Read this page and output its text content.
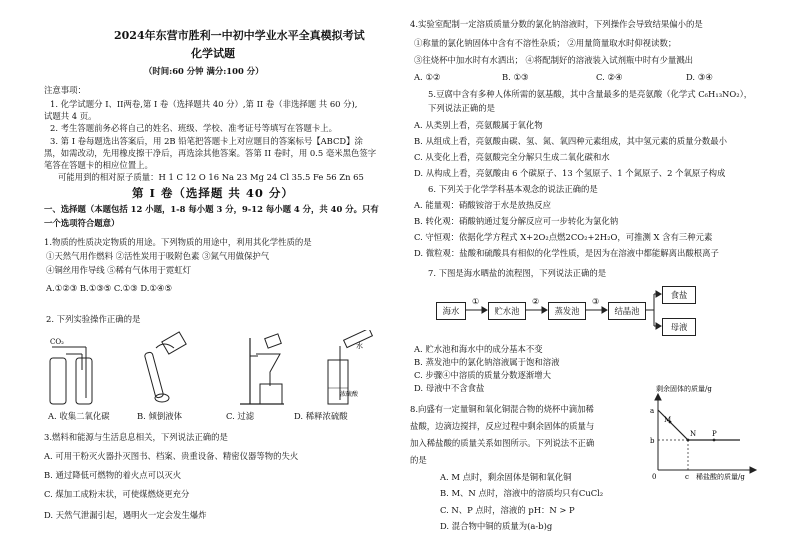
2024年东营市胜利一中初中学业水平全真模拟考试
化学试题
（时间:60 分钟 满分:100 分）
注意事项：
1. 化学试题分 I、II两卷,第 I 卷（选择题共 40 分）,第 II 卷（非选择题 共 60 分),
试题共 4 页。
2. 考生答题前务必将自己的姓名、班级、学校、准考证号等填写在答题卡上。
3. 第 I 卷每题选出答案后，用 2B 铅笔把答题卡上对应题目的答案标号【ABCD】涂
黑，如需改动，先用橡皮擦干净后，再选涂其他答案。答第 II 卷时，用 0.5 毫米黑色签字
笔答在答题卡的相应位置上。
可能用到的相对原子质量：H 1 C 12 O 16 Na 23 Mg 24 Cl 35.5 Fe 56 Zn 65
第 I 卷（选择题 共 40 分）
一、选择题（本题包括 12 小题，1-8 每小题 3 分，9-12 每小题 4 分，共 40 分。只有
一个选项符合题意）
1.物质的性质决定物质的用途。下列物质的用途中，利用其化学性质的是
①天然气用作燃料 ②活性炭用于吸附色素 ③氮气用做保护气
④铜丝用作导线 ⑤稀有气体用于霓虹灯
A.①②③ B.①③⑤ C.①③ D.①④⑤
2. 下列实验操作正确的是
CO₂	水
浓硫酸
A. 收集二氧化碳	B. 倾倒液体	C. 过滤	D. 稀释浓硫酸
3.燃料和能源与生活息息相关，下列说法正确的是
A. 可用干粉灭火器扑灭图书、档案、贵重设备、精密仪器等物的失火
B. 通过降低可燃物的着火点可以灭火
C. 煤加工成粉末状，可使煤燃烧更充分
D. 天然气泄漏引起，遇明火一定会发生爆炸
4.实验室配制一定溶质质量分数的氯化钠溶液时，下列操作会导致结果偏小的是
①称量的氯化钠固体中含有不溶性杂质； ②用量筒量取水时仰视读数；
③往烧杯中加水时有水洒出； ④将配制好的溶液装入试剂瓶中时有少量溅出
A. ①②	B. ①③	C. ②④	D. ③④
5.豆腐中含有多种人体所需的氨基酸，其中含量最多的是亮氨酸（化学式 C₆H₁₃NO₂），
下列说法正确的是
A. 从类别上看，亮氨酸属于氧化物
B. 从组成上看，亮氨酸由碳、氢、氮、氧四种元素组成，其中氢元素的质量分数最小
C. 从变化上看，亮氨酸完全分解只生成二氧化碳和水
D. 从构成上看，亮氨酸由 6 个碳原子、13 个氢原子、1 个氮原子、2 个氧原子构成
6. 下列关于化学学科基本观念的说法正确的是
A. 能量观：硝酸铵溶于水是放热反应
B. 转化观：硝酸钠通过复分解反应可一步转化为氯化钠
C. 守恒观：依据化学方程式 X+2O₂点燃2CO₂+2H₂O，可推测 X 含有三种元素
D. 微粒观：盐酸和硫酸具有相似的化学性质，是因为在溶液中都能解离出酸根离子
7. 下图是海水晒盐的流程图，下列说法正确的是
海水	贮水池	蒸发池	结晶池
食盐
母液
①	②	③
A. 贮水池和海水中的成分基本不变
B. 蒸发池中的氯化钠溶液属于饱和溶液
C. 步骤④中溶质的质量分数逐渐增大
D. 母液中不含食盐
8.向盛有一定量铜和氧化铜混合物的烧杯中滴加稀
盐酸，边滴边搅拌，反应过程中剩余固体的质量与
加入稀盐酸的质量关系如图所示。下列说法不正确
的是
A. M 点时，剩余固体是铜和氧化铜
B. M、N 点时，溶液中的溶质均只有CuCl₂
C. N、P 点时，溶液的 pH：N > P
D. 混合物中铜的质量为(a-b)g
剩余固体的质量/g
M
N P
a
b
0	c 稀盐酸的质量/g
